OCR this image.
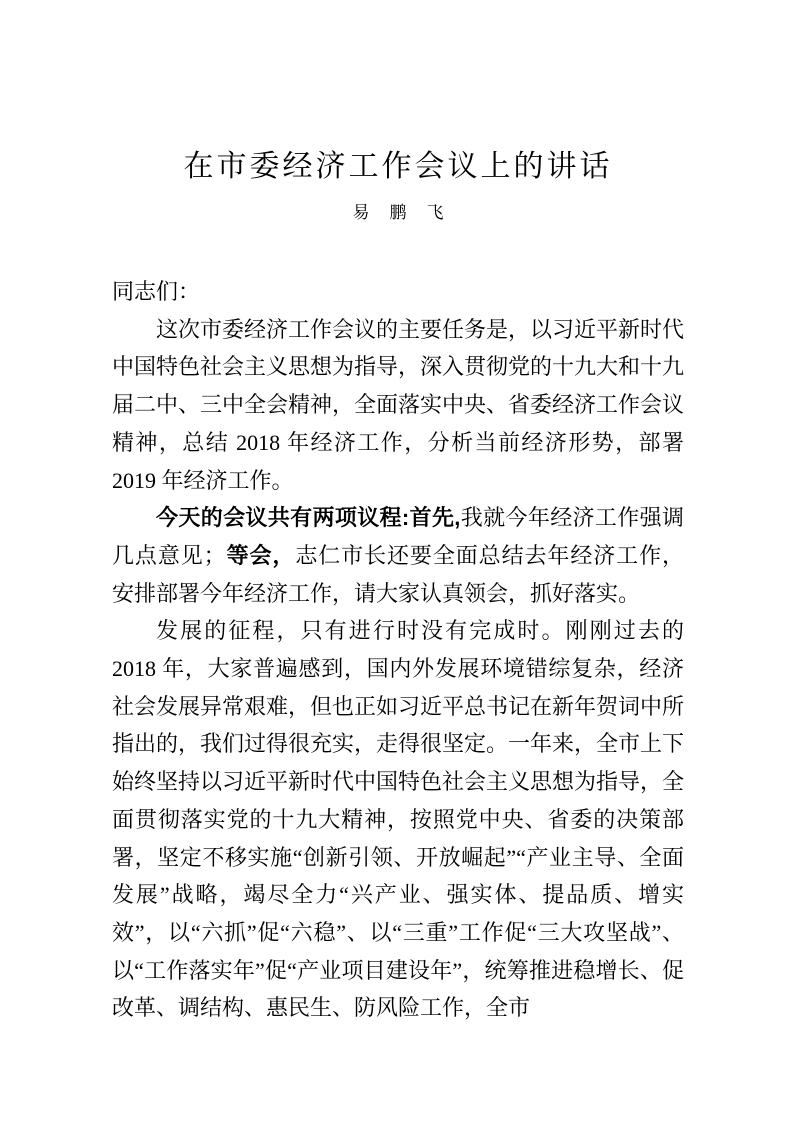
在市委经济工作会议上的讲话
易鹏飞

同志们：

这次市委经济工作会议的主要任务是，以习近平新时代中国特色社会主义思想为指导，深入贯彻党的十九大和十九届二中、三中全会精神，全面落实中央、省委经济工作会议精神，总结 2018 年经济工作，分析当前经济形势，部署 2019 年经济工作。

今天的会议共有两项议程:首先,我就今年经济工作强调几点意见；等会，志仁市长还要全面总结去年经济工作，安排部署今年经济工作，请大家认真领会，抓好落实。

发展的征程，只有进行时没有完成时。刚刚过去的 2018 年，大家普遍感到，国内外发展环境错综复杂，经济社会发展异常艰难，但也正如习近平总书记在新年贺词中所指出的，我们过得很充实，走得很坚定。一年来，全市上下始终坚持以习近平新时代中国特色社会主义思想为指导，全面贯彻落实党的十九大精神，按照党中央、省委的决策部署，坚定不移实施“创新引领、开放崛起”“产业主导、全面发展”战略，竭尽全力“兴产业、强实体、提品质、增实效”，以“六抓”促“六稳”、以“三重”工作促“三大攻坚战”、以“工作落实年”促“产业项目建设年”，统筹推进稳增长、促改革、调结构、惠民生、防风险工作，全市
